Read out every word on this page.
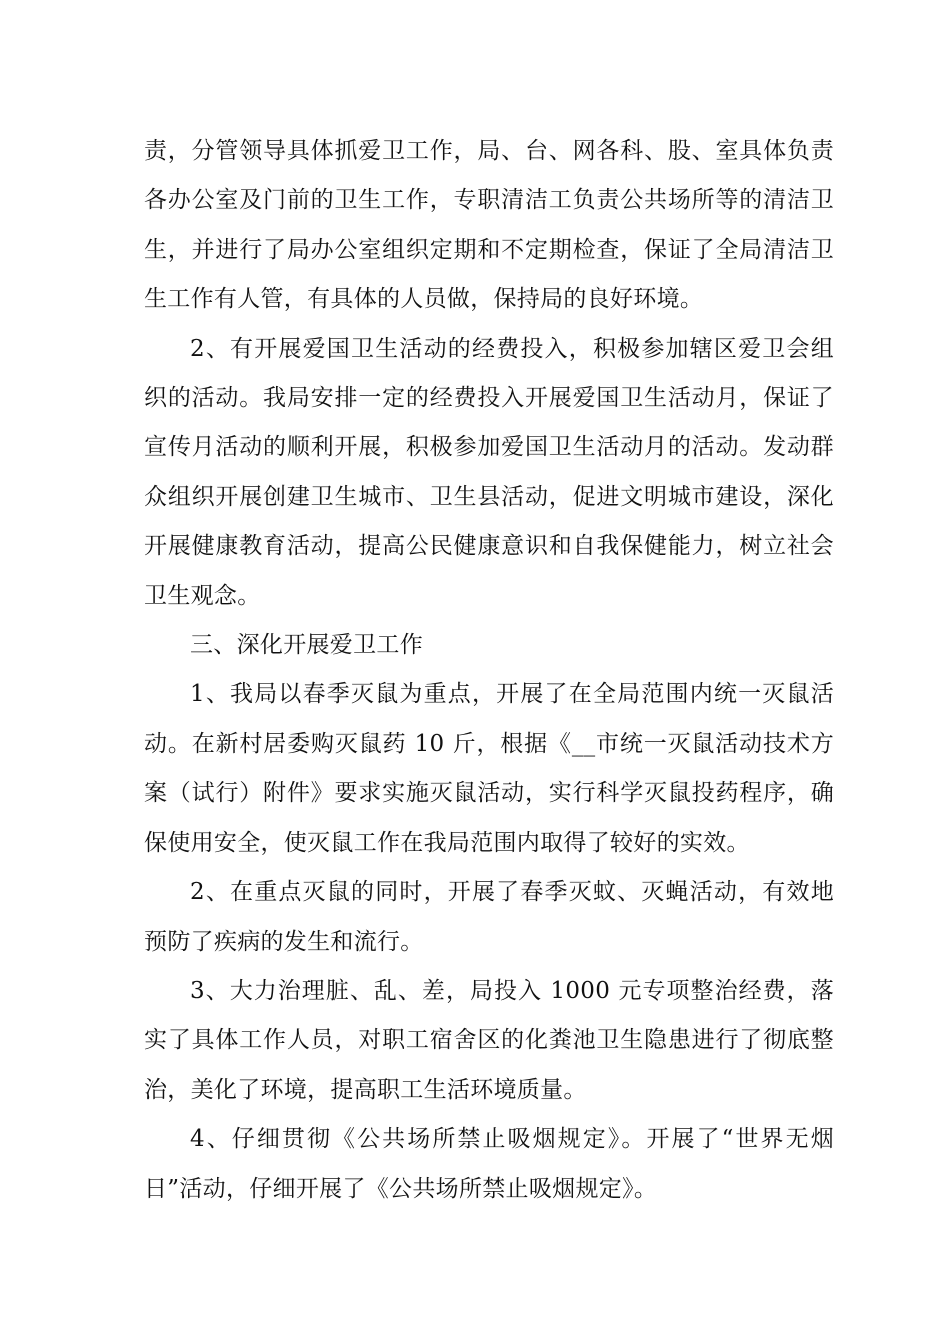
责，分管领导具体抓爱卫工作，局、台、网各科、股、室具体负责各办公室及门前的卫生工作，专职清洁工负责公共场所等的清洁卫生，并进行了局办公室组织定期和不定期检查，保证了全局清洁卫生工作有人管，有具体的人员做，保持局的良好环境。

2、有开展爱国卫生活动的经费投入，积极参加辖区爱卫会组织的活动。我局安排一定的经费投入开展爱国卫生活动月，保证了宣传月活动的顺利开展，积极参加爱国卫生活动月的活动。发动群众组织开展创建卫生城市、卫生县活动，促进文明城市建设，深化开展健康教育活动，提高公民健康意识和自我保健能力，树立社会卫生观念。

三、深化开展爱卫工作

1、我局以春季灭鼠为重点，开展了在全局范围内统一灭鼠活动。在新村居委购灭鼠药 10 斤，根据《__市统一灭鼠活动技术方案（试行）附件》要求实施灭鼠活动，实行科学灭鼠投药程序，确保使用安全，使灭鼠工作在我局范围内取得了较好的实效。

2、在重点灭鼠的同时，开展了春季灭蚊、灭蝇活动，有效地预防了疾病的发生和流行。

3、大力治理脏、乱、差，局投入 1000 元专项整治经费，落实了具体工作人员，对职工宿舍区的化粪池卫生隐患进行了彻底整治，美化了环境，提高职工生活环境质量。

4、仔细贯彻《公共场所禁止吸烟规定》。开展了“世界无烟日”活动，仔细开展了《公共场所禁止吸烟规定》。
